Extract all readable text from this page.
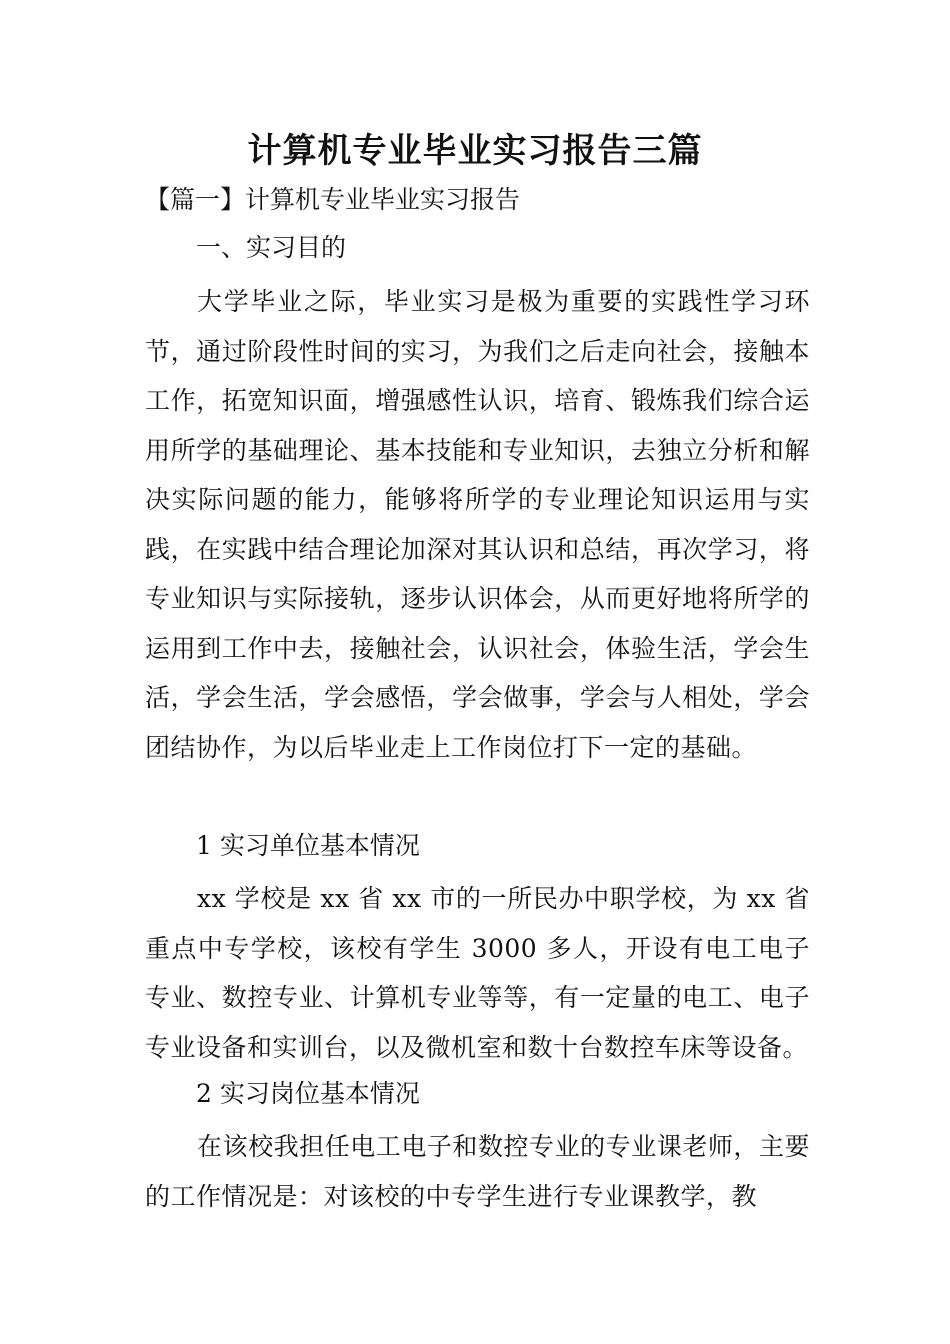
计算机专业毕业实习报告三篇
【篇一】计算机专业毕业实习报告
一、实习目的
大学毕业之际，毕业实习是极为重要的实践性学习环节，通过阶段性时间的实习，为我们之后走向社会，接触本工作，拓宽知识面，增强感性认识，培育、锻炼我们综合运用所学的基础理论、基本技能和专业知识，去独立分析和解决实际问题的能力，能够将所学的专业理论知识运用与实践，在实践中结合理论加深对其认识和总结，再次学习，将专业知识与实际接轨，逐步认识体会，从而更好地将所学的运用到工作中去，接触社会，认识社会，体验生活，学会生活，学会生活，学会感悟，学会做事，学会与人相处，学会团结协作，为以后毕业走上工作岗位打下一定的基础。
1 实习单位基本情况
xx 学校是 xx 省 xx 市的一所民办中职学校，为 xx 省重点中专学校，该校有学生 3000 多人，开设有电工电子专业、数控专业、计算机专业等等，有一定量的电工、电子专业设备和实训台，以及微机室和数十台数控车床等设备。
2 实习岗位基本情况
在该校我担任电工电子和数控专业的专业课老师，主要的工作情况是：对该校的中专学生进行专业课教学，教
